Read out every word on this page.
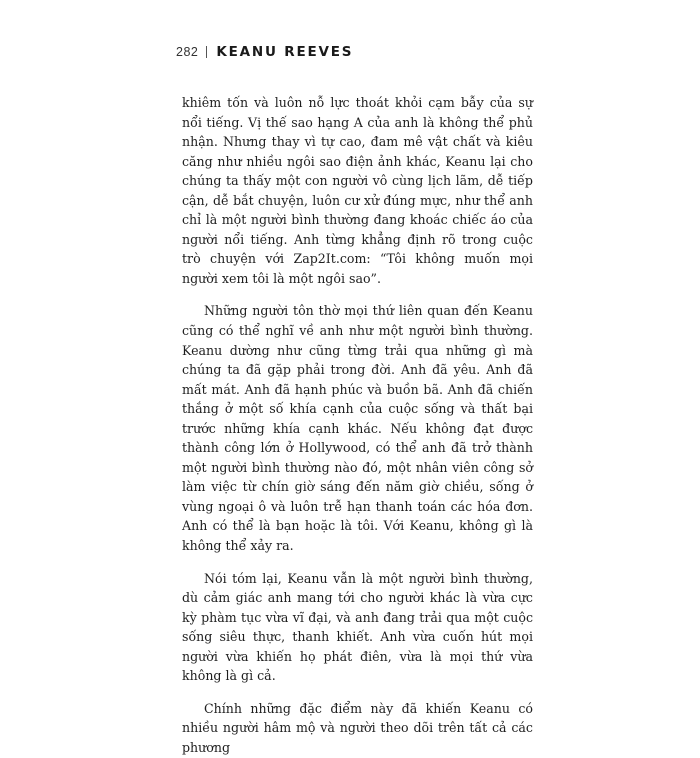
282 KEANU REEVES

khiêm tốn và luôn nỗ lực thoát khỏi cạm bẫy của sự nổi tiếng. Vị thế sao hạng A của anh là không thể phủ nhận. Nhưng thay vì tự cao, đam mê vật chất và kiêu căng như nhiều ngôi sao điện ảnh khác, Keanu lại cho chúng ta thấy một con người vô cùng lịch lãm, dễ tiếp cận, dễ bắt chuyện, luôn cư xử đúng mực, như thể anh chỉ là một người bình thường đang khoác chiếc áo của người nổi tiếng. Anh từng khẳng định rõ trong cuộc trò chuyện với Zap2It.com: “Tôi không muốn mọi người xem tôi là một ngôi sao”.

Những người tôn thờ mọi thứ liên quan đến Keanu cũng có thể nghĩ về anh như một người bình thường. Keanu dường như cũng từng trải qua những gì mà chúng ta đã gặp phải trong đời. Anh đã yêu. Anh đã mất mát. Anh đã hạnh phúc và buồn bã. Anh đã chiến thắng ở một số khía cạnh của cuộc sống và thất bại trước những khía cạnh khác. Nếu không đạt được thành công lớn ở Hollywood, có thể anh đã trở thành một người bình thường nào đó, một nhân viên công sở làm việc từ chín giờ sáng đến năm giờ chiều, sống ở vùng ngoại ô và luôn trễ hạn thanh toán các hóa đơn. Anh có thể là bạn hoặc là tôi. Với Keanu, không gì là không thể xảy ra.

Nói tóm lại, Keanu vẫn là một người bình thường, dù cảm giác anh mang tới cho người khác là vừa cực kỳ phàm tục vừa vĩ đại, và anh đang trải qua một cuộc sống siêu thực, thanh khiết. Anh vừa cuốn hút mọi người vừa khiến họ phát điên, vừa là mọi thứ vừa không là gì cả.

Chính những đặc điểm này đã khiến Keanu có nhiều người hâm mộ và người theo dõi trên tất cả các phương
